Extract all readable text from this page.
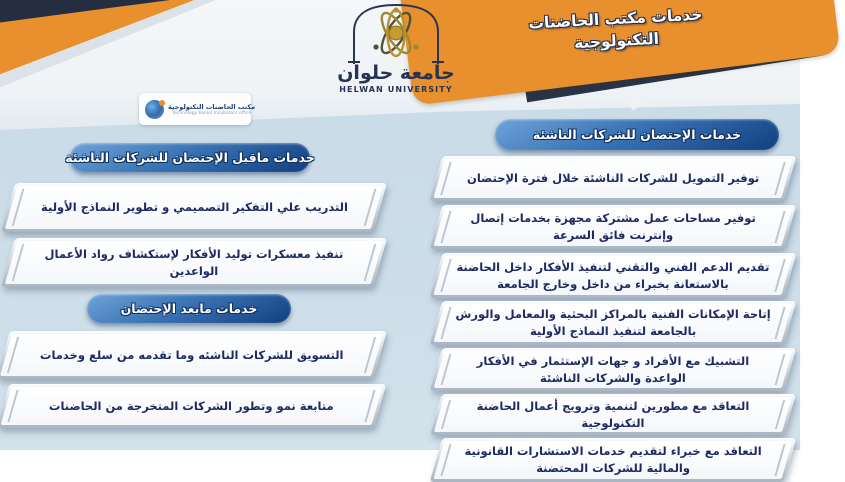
خدمات مكتب الحاضنات
التكنولوجية
جامعة حلوان
HELWAN UNIVERSITY
مكتب الحاضنات التكنولوجية
Technology based Incubators office
خدمات ماقبل الإحتضان للشركات الناشئة
التدريب علي التفكير التصميمي و تطوير النماذج الأولية
تنفيذ معسكرات توليد الأفكار لإستكشاف رواد الأعمال الواعدين
خدمات مابعد الإحتضان
التسويق للشركات الناشئه وما تقدمه من سلع وخدمات
متابعة نمو وتطور الشركات المتخرجة من الحاضنات
خدمات الإحتضان للشركات الناشئة
توفير التمويل للشركات الناشئة خلال فترة الإحتضان
توفير مساحات عمل مشتركة مجهزة بخدمات إتصال وإنترنت فائق السرعة
تقديم الدعم الفني والتقني لتنفيذ الأفكار داخل الحاضنة بالاستعانة بخبراء من داخل وخارج الجامعة
إتاحة الإمكانات الفنية بالمراكز البحثية والمعامل والورش بالجامعة لتنفيذ النماذج الأولية
التشبيك مع الأفراد و جهات الإستثمار في الأفكار الواعدة والشركات الناشئة
التعاقد مع مطورين لتنمية وترويج أعمال الحاضنة التكنولوجية
التعاقد مع خبراء لتقديم خدمات الاستشارات القانونية والمالية للشركات المحتضنة
